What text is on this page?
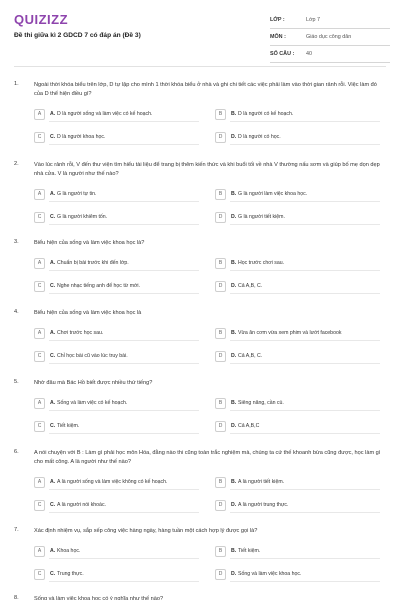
QUIZIZZ
Đề thi giữa kì 2 GDCD 7 có đáp án (Đề 3)
LỚP :	Lớp 7
MÔN :	Giáo dục công dân
SỐ CÂU : 40
1.	Ngoài thời khóa biểu trên lớp, D tự lập cho mình 1 thời khóa biểu ở nhà và ghi chi tiết các việc phải làm vào thời gian rảnh rỗi. Việc làm đó của D thể hiện điều gì?
A	A. D là người sống và làm việc có kế hoạch.	B	B. D là người có kế hoạch.
C	C. D là người khoa học.	D	D. D là người có học.
2.	Vào lúc rảnh rỗi, V đến thư viện tìm hiểu tài liệu để trang bị thêm kiến thức và khi buổi tối về nhà V thường nấu sơm và giúp bố mẹ dọn dẹp nhà cửa. V là người như thế nào?
A	A. G là người tự tin.	B	B. G là người làm việc khoa học.
C	C. G là người khiêm tốn.	D	D. G là người tiết kiệm.
3.	Biểu hiện của sống và làm việc khoa học là?
A	A. Chuẩn bị bài trước khi đến lớp.	B	B. Học trước chơi sau.
C	C. Nghe nhạc tiếng anh để học từ mới.	D	D. Cả A,B, C.
4.	Biểu hiện của sống và làm việc khoa học là
A	A. Chơi trước học sau.	B	B. Vừa ăn cơm vừa xem phim và lướt facebook
C	C. Chỉ học bài cũ vào lúc truy bài.	D	D. Cả A,B, C.
5.	Nhờ đâu mà Bác Hồ biết được nhiều thứ tiếng?
A	A. Sống và làm việc có kế hoạch.	B	B. Siêng năng, cần cù.
C	C. Tiết kiệm.	D	D. Cả A,B,C
6.	A nói chuyện với B : Làm gì phải học môn Hóa, đằng nào thi cũng toàn trắc nghiệm mà, chúng ta cứ thế khoanh bừa cũng được, học làm gì cho mất công. A là người như thế nào?
A	A. A là người sống và làm việc không có kế hoạch.	B	B. A là người tiết kiệm.
C	C. A là người nói khoác.	D	D. A là người trung thực.
7.	Xác định nhiệm vụ, sắp xếp công việc hàng ngày, hàng tuần một cách hợp lý được gọi là?
A	A. Khoa học.	B	B. Tiết kiệm.
C	C. Trung thực.	D	D. Sống và làm việc khoa học.
8.	Sống và làm việc khoa học có ý nghĩa như thế nào?
